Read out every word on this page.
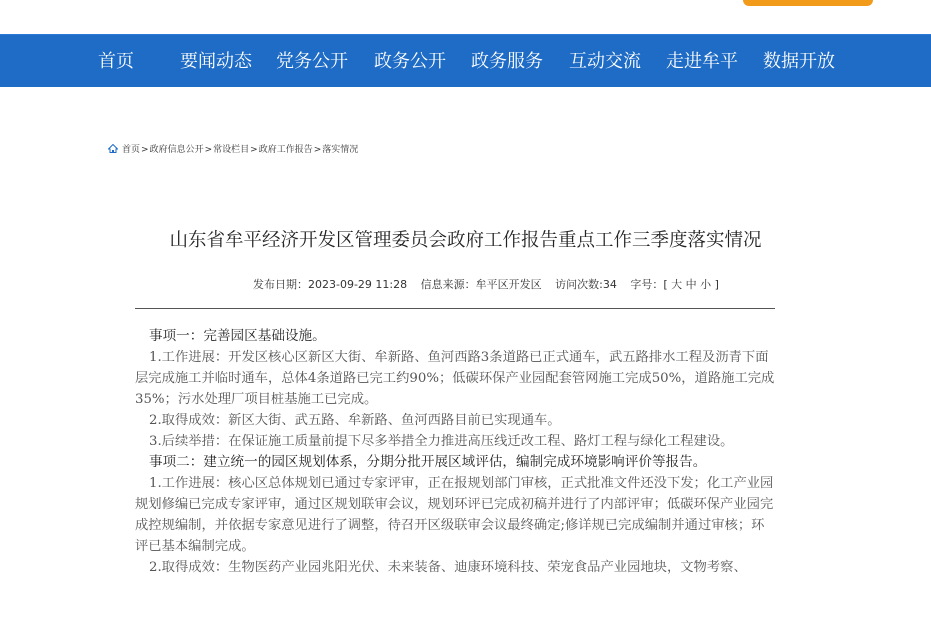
首页	要闻动态 党务公开 政务公开 政务服务 互动交流 走进牟平 数据开放
首页>政府信息公开>常设栏目>政府工作报告>落实情况
山东省牟平经济开发区管理委员会政府工作报告重点工作三季度落实情况
发布日期：2023-09-29 11:28 信息来源：牟平区开发区 访问次数:34 字号：[ 大 中 小 ]

事项一：完善园区基础设施。

1.工作进展：开发区核心区新区大街、牟新路、鱼河西路3条道路已正式通车，武五路排水工程及沥青下面层完成施工并临时通车，总体4条道路已完工约90%；低碳环保产业园配套管网施工完成50%，道路施工完成35%；污水处理厂项目桩基施工已完成。

2.取得成效：新区大街、武五路、牟新路、鱼河西路目前已实现通车。

3.后续举措：在保证施工质量前提下尽多举措全力推进高压线迁改工程、路灯工程与绿化工程建设。

事项二：建立统一的园区规划体系，分期分批开展区域评估，编制完成环境影响评价等报告。

1.工作进展：核心区总体规划已通过专家评审，正在报规划部门审核，正式批准文件还没下发；化工产业园规划修编已完成专家评审，通过区规划联审会议，规划环评已完成初稿并进行了内部评审；低碳环保产业园完成控规编制，并依据专家意见进行了调整，待召开区级联审会议最终确定;修详规已完成编制并通过审核；环评已基本编制完成。

2.取得成效：生物医药产业园兆阳光伏、未来装备、迪康环境科技、荣宠食品产业园地块，文物考察、
